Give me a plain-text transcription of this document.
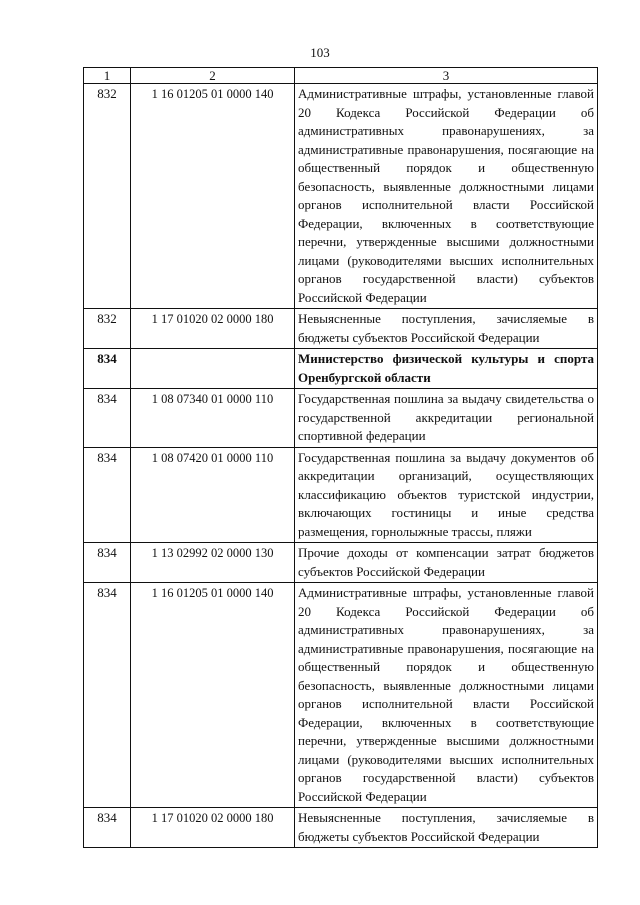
103
1	2	3
832	1 16 01205 01 0000 140	Административные штрафы, установленные главой 20 Кодекса Российской Федерации об административных правонарушениях, за административные правонарушения, посягающие на общественный порядок и общественную безопасность, выявленные должностными лицами органов исполнительной власти Российской Федерации, включенных в соответствующие перечни, утвержденные высшими должностными лицами (руководителями высших исполнительных органов государственной власти) субъектов Российской Федерации
832	1 17 01020 02 0000 180	Невыясненные поступления, зачисляемые в бюджеты субъектов Российской Федерации
834		Министерство физической культуры и спорта Оренбургской области
834	1 08 07340 01 0000 110	Государственная пошлина за выдачу свидетельства о государственной аккредитации региональной спортивной федерации
834	1 08 07420 01 0000 110	Государственная пошлина за выдачу документов об аккредитации организаций, осуществляющих классификацию объектов туристской индустрии, включающих гостиницы и иные средства размещения, горнолыжные трассы, пляжи
834	1 13 02992 02 0000 130	Прочие доходы от компенсации затрат бюджетов субъектов Российской Федерации
834	1 16 01205 01 0000 140	Административные штрафы, установленные главой 20 Кодекса Российской Федерации об административных правонарушениях, за административные правонарушения, посягающие на общественный порядок и общественную безопасность, выявленные должностными лицами органов исполнительной власти Российской Федерации, включенных в соответствующие перечни, утвержденные высшими должностными лицами (руководителями высших исполнительных органов государственной власти) субъектов Российской Федерации
834	1 17 01020 02 0000 180	Невыясненные поступления, зачисляемые в бюджеты субъектов Российской Федерации
